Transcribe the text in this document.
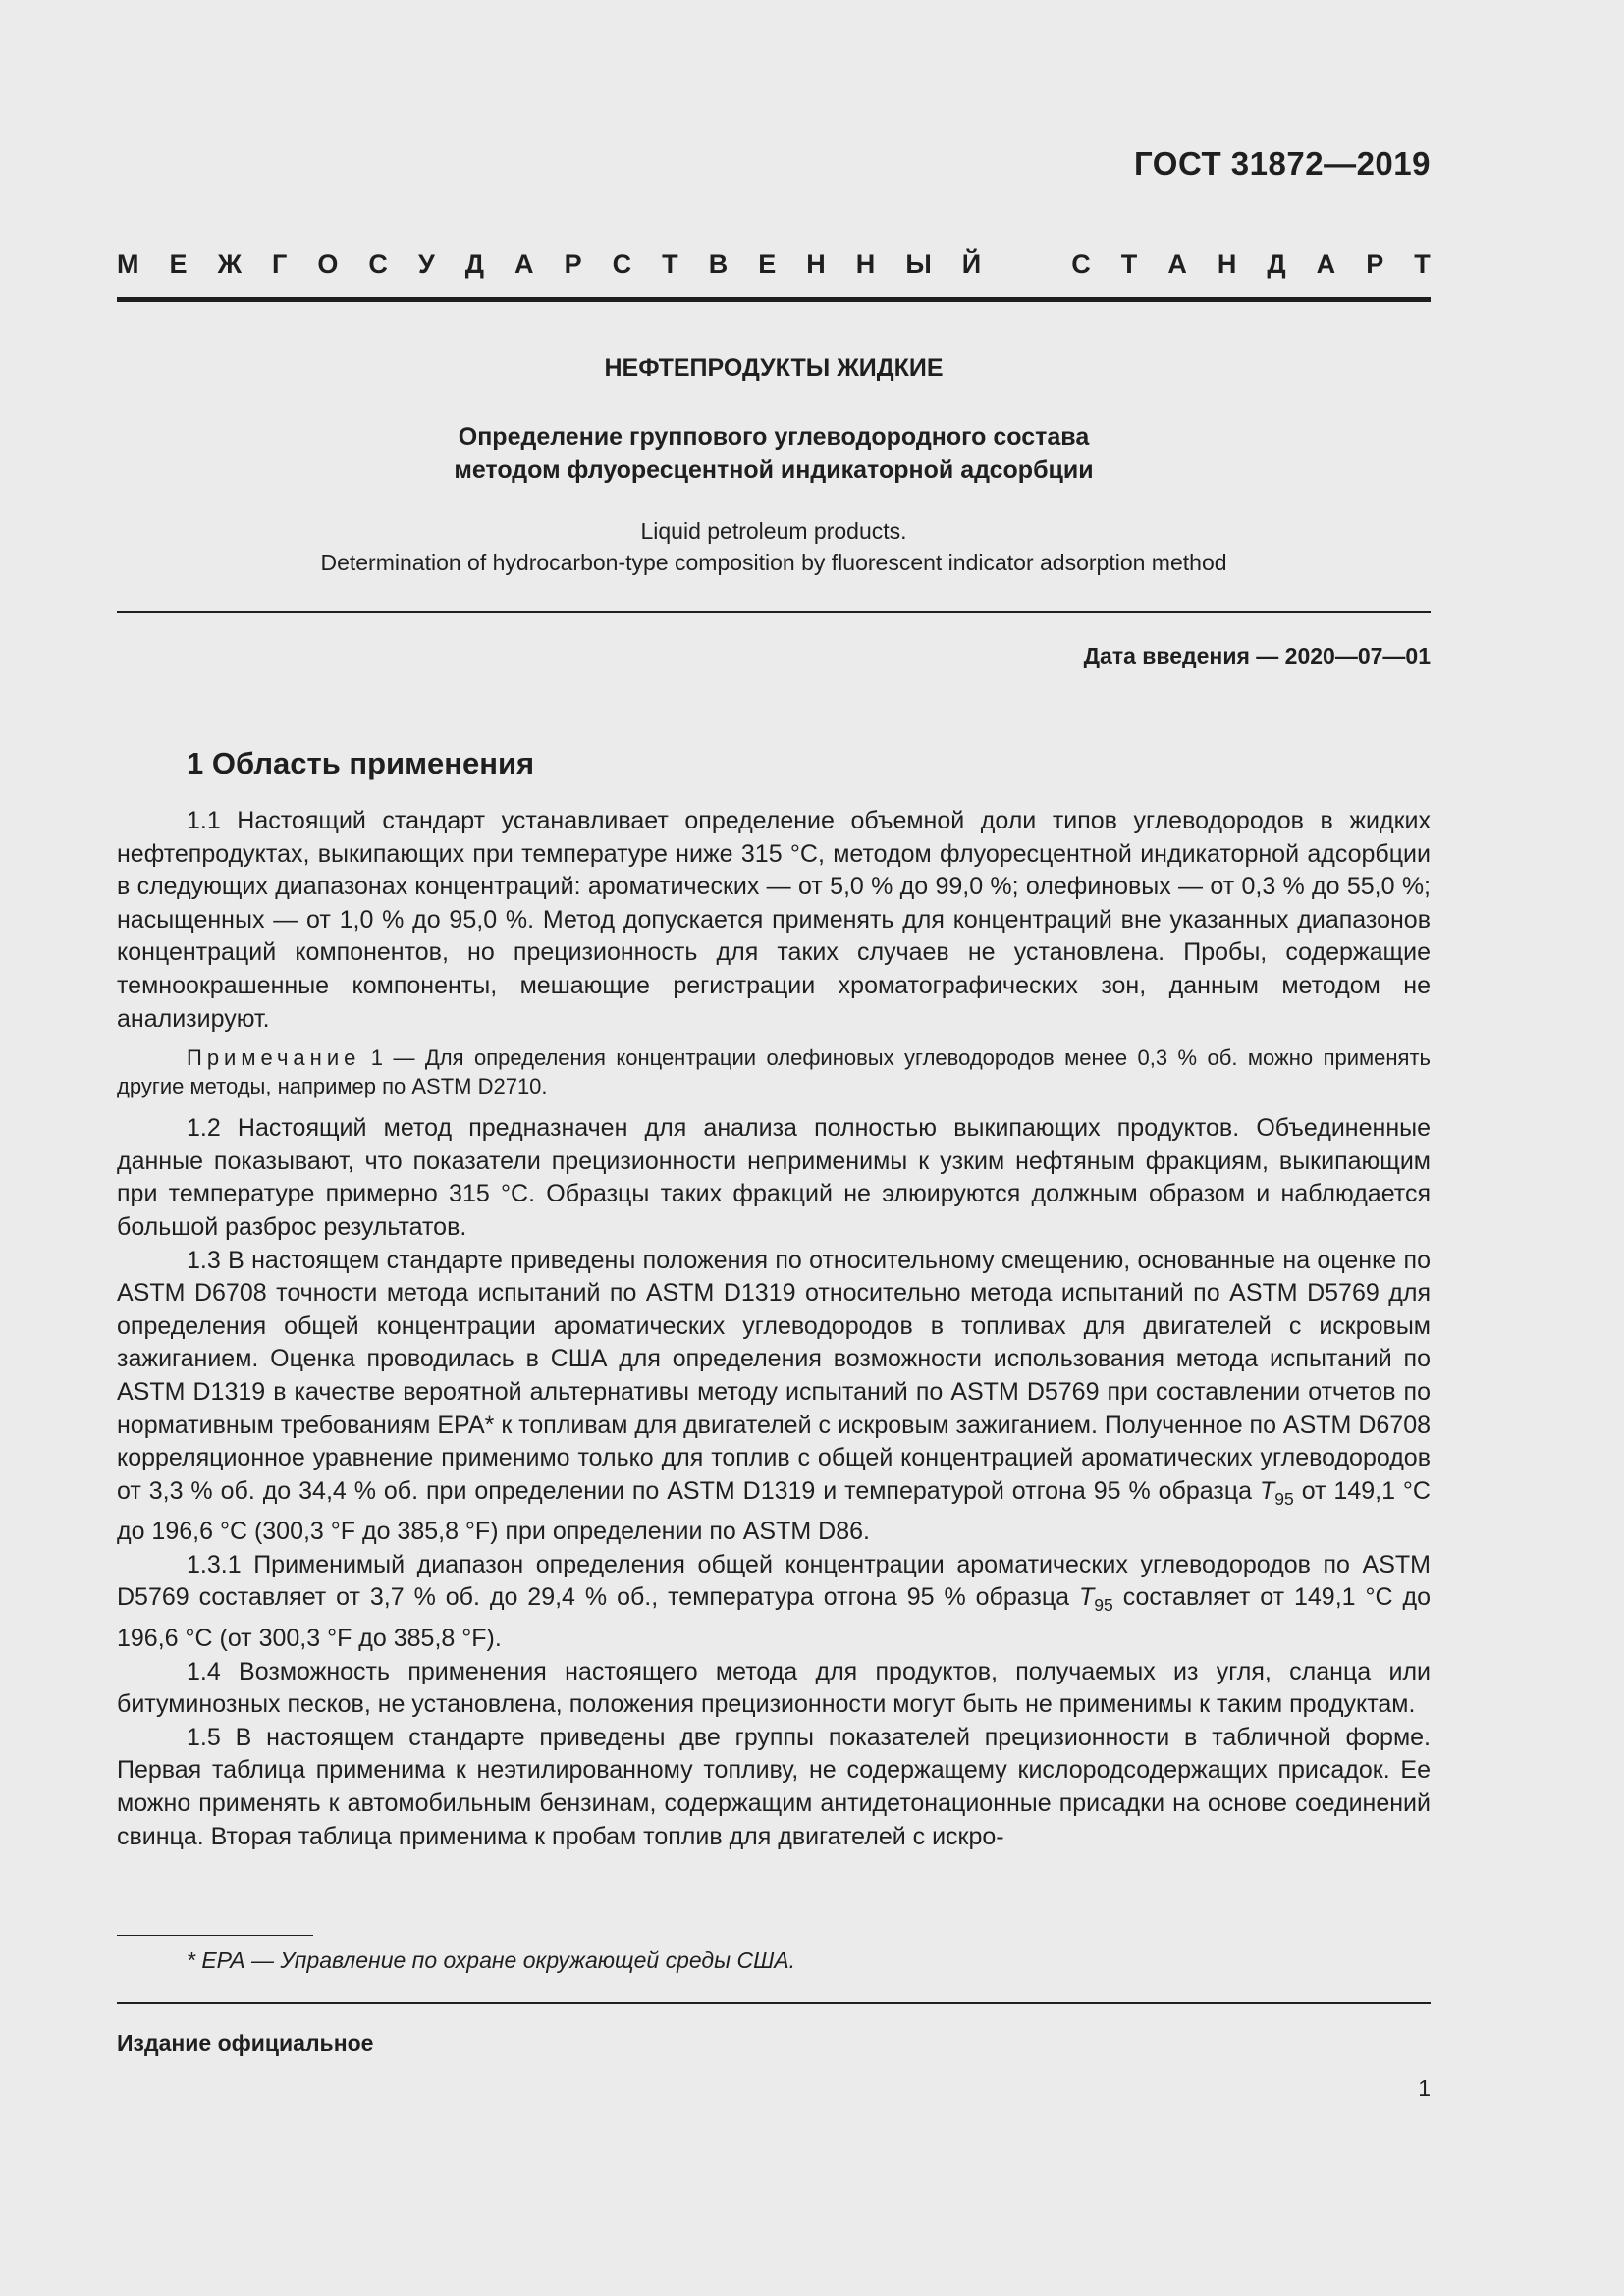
ГОСТ 31872—2019
М Е Ж Г О С У Д А Р С Т В Е Н Н Ы Й	С Т А Н Д А Р Т
НЕФТЕПРОДУКТЫ ЖИДКИЕ
Определение группового углеводородного состава
методом флуоресцентной индикаторной адсорбции
Liquid petroleum products.
Determination of hydrocarbon-type composition by fluorescent indicator adsorption method
Дата введения — 2020—07—01
1 Область применения

1.1 Настоящий стандарт устанавливает определение объемной доли типов углеводородов в жидких нефтепродуктах, выкипающих при температуре ниже 315 °С, методом флуоресцентной индикаторной адсорбции в следующих диапазонах концентраций: ароматических — от 5,0 % до 99,0 %; олефиновых — от 0,3 % до 55,0 %; насыщенных — от 1,0 % до 95,0 %. Метод допускается применять для концентраций вне указанных диапазонов концентраций компонентов, но прецизионность для таких случаев не установлена. Пробы, содержащие темноокрашенные компоненты, мешающие регистрации хроматографических зон, данным методом не анализируют.

Примечание 1 — Для определения концентрации олефиновых углеводородов менее 0,3 % об. можно применять другие методы, например по ASTM D2710.

1.2 Настоящий метод предназначен для анализа полностью выкипающих продуктов. Объединенные данные показывают, что показатели прецизионности неприменимы к узким нефтяным фракциям, выкипающим при температуре примерно 315 °С. Образцы таких фракций не элюируются должным образом и наблюдается большой разброс результатов.

1.3 В настоящем стандарте приведены положения по относительному смещению, основанные на оценке по ASTM D6708 точности метода испытаний по ASTM D1319 относительно метода испытаний по ASTM D5769 для определения общей концентрации ароматических углеводородов в топливах для двигателей с искровым зажиганием. Оценка проводилась в США для определения возможности использования метода испытаний по ASTM D1319 в качестве вероятной альтернативы методу испытаний по ASTM D5769 при составлении отчетов по нормативным требованиям ЕРА* к топливам для двигателей с искровым зажиганием. Полученное по ASTM D6708 корреляционное уравнение применимо только для топлив с общей концентрацией ароматических углеводородов от 3,3 % об. до 34,4 % об. при определении по ASTM D1319 и температурой отгона 95 % образца $T_{95}$ от 149,1 °С до 196,6 °С (300,3 °F до 385,8 °F) при определении по ASTM D86.

1.3.1 Применимый диапазон определения общей концентрации ароматических углеводородов по ASTM D5769 составляет от 3,7 % об. до 29,4 % об., температура отгона 95 % образца $T_{95}$ составляет от 149,1 °С до 196,6 °С (от 300,3 °F до 385,8 °F).

1.4 Возможность применения настоящего метода для продуктов, получаемых из угля, сланца или битуминозных песков, не установлена, положения прецизионности могут быть не применимы к таким продуктам.

1.5 В настоящем стандарте приведены две группы показателей прецизионности в табличной форме. Первая таблица применима к неэтилированному топливу, не содержащему кислородсодержащих присадок. Ее можно применять к автомобильным бензинам, содержащим антидетонационные присадки на основе соединений свинца. Вторая таблица применима к пробам топлив для двигателей с искро-

* ЕРА — Управление по охране окружающей среды США.
Издание официальное
1
